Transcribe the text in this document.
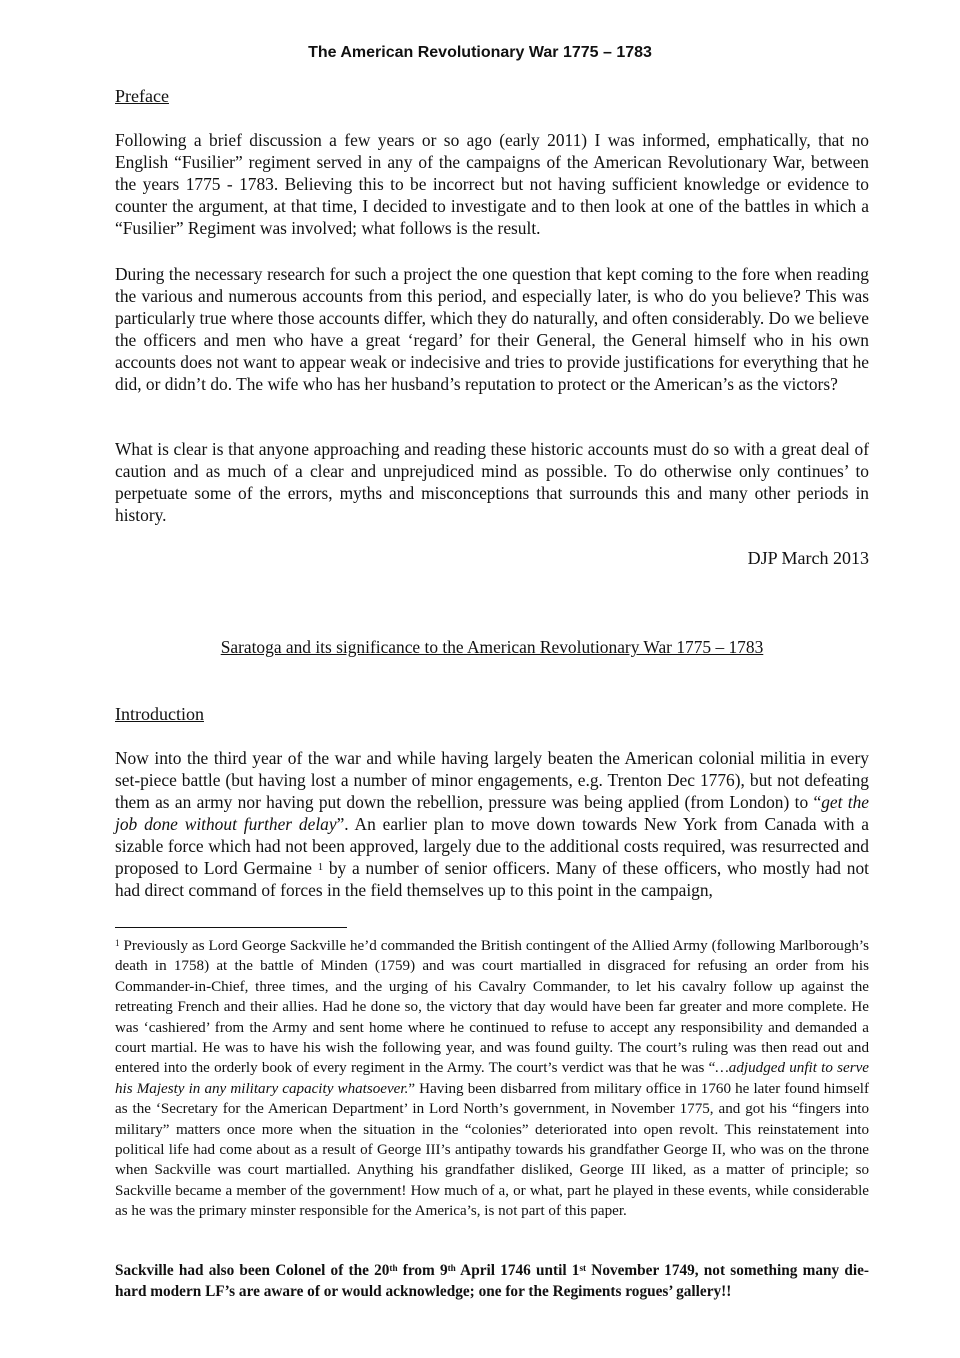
The American Revolutionary War 1775 – 1783
Preface

Following a brief discussion a few years or so ago (early 2011) I was informed, emphatically, that no English “Fusilier” regiment served in any of the campaigns of the American Revolutionary War, between the years 1775 - 1783. Believing this to be incorrect but not having sufficient knowledge or evidence to counter the argument, at that time, I decided to investigate and to then look at one of the battles in which a “Fusilier” Regiment was involved; what follows is the result.

During the necessary research for such a project the one question that kept coming to the fore when reading the various and numerous accounts from this period, and especially later, is who do you believe? This was particularly true where those accounts differ, which they do naturally, and often considerably. Do we believe the officers and men who have a great ‘regard’ for their General, the General himself who in his own accounts does not want to appear weak or indecisive and tries to provide justifications for everything that he did, or didn’t do. The wife who has her husband’s reputation to protect or the American’s as the victors?

What is clear is that anyone approaching and reading these historic accounts must do so with a great deal of caution and as much of a clear and unprejudiced mind as possible. To do otherwise only continues’ to perpetuate some of the errors, myths and misconceptions that surrounds this and many other periods in history.

DJP March 2013
Saratoga and its significance to the American Revolutionary War 1775 – 1783
Introduction

Now into the third year of the war and while having largely beaten the American colonial militia in every set-piece battle (but having lost a number of minor engagements, e.g. Trenton Dec 1776), but not defeating them as an army nor having put down the rebellion, pressure was being applied (from London) to “get the job done without further delay”. An earlier plan to move down towards New York from Canada with a sizable force which had not been approved, largely due to the additional costs required, was resurrected and proposed to Lord Germaine $^1$ by a number of senior officers. Many of these officers, who mostly had not had direct command of forces in the field themselves up to this point in the campaign,

$^1$ Previously as Lord George Sackville he’d commanded the British contingent of the Allied Army (following Marlborough’s death in 1758) at the battle of Minden (1759) and was court martialled in disgraced for refusing an order from his Commander-in-Chief, three times, and the urging of his Cavalry Commander, to let his cavalry follow up against the retreating French and their allies. Had he done so, the victory that day would have been far greater and more complete. He was ‘cashiered’ from the Army and sent home where he continued to refuse to accept any responsibility and demanded a court martial. He was to have his wish the following year, and was found guilty. The court’s ruling was then read out and entered into the orderly book of every regiment in the Army. The court’s verdict was that he was “…adjudged unfit to serve his Majesty in any military capacity whatsoever.” Having been disbarred from military office in 1760 he later found himself as the ‘Secretary for the American Department’ in Lord North’s government, in November 1775, and got his “fingers into military” matters once more when the situation in the “colonies” deteriorated into open revolt. This reinstatement into political life had come about as a result of George III’s antipathy towards his grandfather George II, who was on the throne when Sackville was court martialled. Anything his grandfather disliked, George III liked, as a matter of principle; so Sackville became a member of the government! How much of a, or what, part he played in these events, while considerable as he was the primary minster responsible for the America’s, is not part of this paper.

Sackville had also been Colonel of the 20th from 9th April 1746 until 1st November 1749, not something many die-hard modern LF’s are aware of or would acknowledge; one for the Regiments rogues’ gallery!!
